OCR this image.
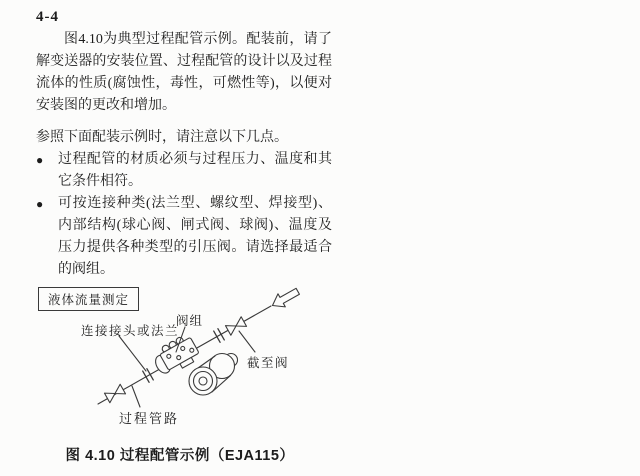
4-4
图4.10为典型过程配管示例。配装前，请了解变送器的安装位置、过程配管的设计以及过程流体的性质(腐蚀性，毒性，可燃性等)，以便对安装图的更改和增加。
参照下面配装示例时，请注意以下几点。
● 过程配管的材质必须与过程压力、温度和其它条件相符。
● 可按连接种类(法兰型、螺纹型、焊接型)、内部结构(球心阀、闸式阀、球阀)、温度及压力提供各种类型的引压阀。请选择最适合的阀组。
液体流量测定
连接接头或法兰
阀组
截至阀
过程管路
图 4.10 过程配管示例（EJA115）
